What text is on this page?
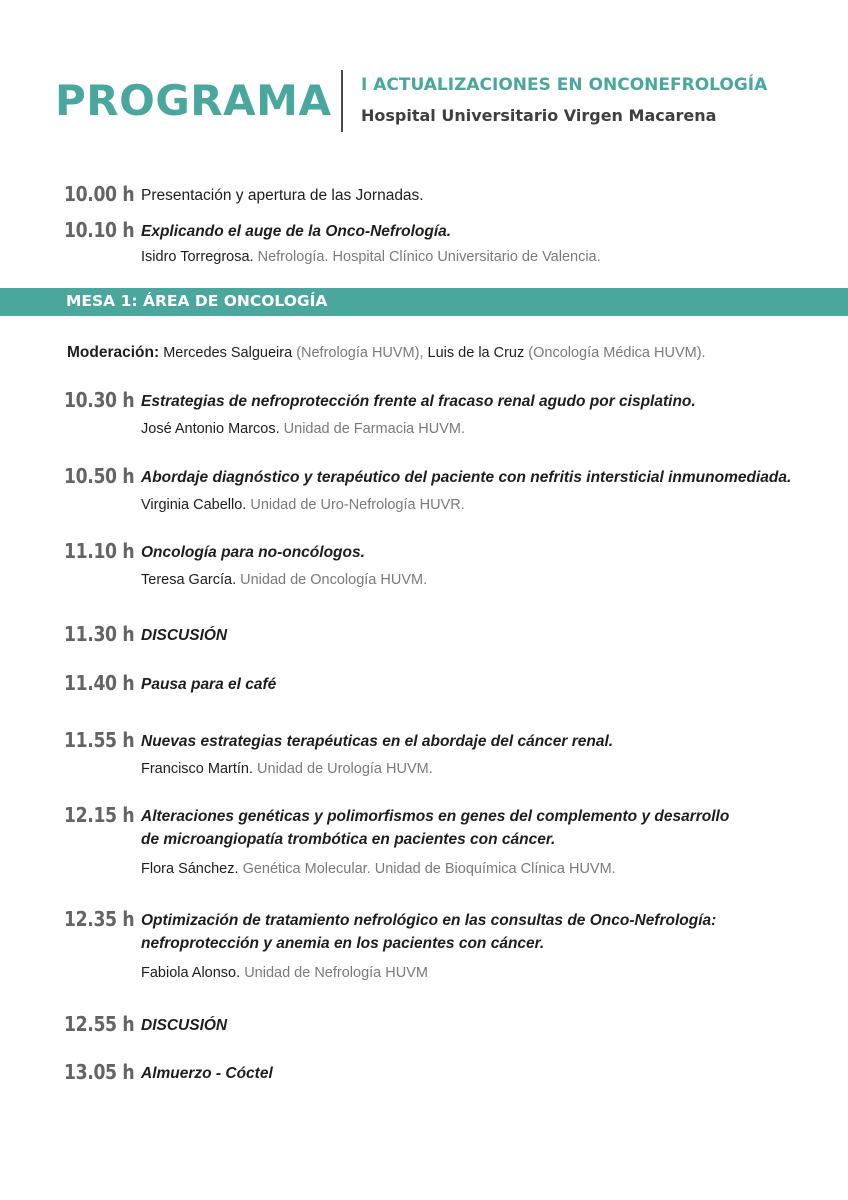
PROGRAMA I ACTUALIZACIONES EN ONCONEFROLOGÍA
Hospital Universitario Virgen Macarena
10.00 h Presentación y apertura de las Jornadas.
10.10 h Explicando el auge de la Onco-Nefrología.
Isidro Torregrosa. Nefrología. Hospital Clínico Universitario de Valencia.
MESA 1: ÁREA DE ONCOLOGÍA
Moderación: Mercedes Salgueira (Nefrología HUVM), Luis de la Cruz (Oncología Médica HUVM).
10.30 h Estrategias de nefroprotección frente al fracaso renal agudo por cisplatino.
José Antonio Marcos. Unidad de Farmacia HUVM.
10.50 h Abordaje diagnóstico y terapéutico del paciente con nefritis intersticial inmunomediada.
Virginia Cabello. Unidad de Uro-Nefrología HUVR.
11.10 h Oncología para no-oncólogos.
Teresa García. Unidad de Oncología HUVM.
11.30 h DISCUSIÓN
11.40 h Pausa para el café
11.55 h Nuevas estrategias terapéuticas en el abordaje del cáncer renal.
Francisco Martín. Unidad de Urología HUVM.
12.15 h Alteraciones genéticas y polimorfismos en genes del complemento y desarrollo de microangiopatía trombótica en pacientes con cáncer.
Flora Sánchez. Genética Molecular. Unidad de Bioquímica Clínica HUVM.
12.35 h Optimización de tratamiento nefrológico en las consultas de Onco-Nefrología: nefroprotección y anemia en los pacientes con cáncer.
Fabiola Alonso. Unidad de Nefrología HUVM
12.55 h DISCUSIÓN
13.05 h Almuerzo - Cóctel
